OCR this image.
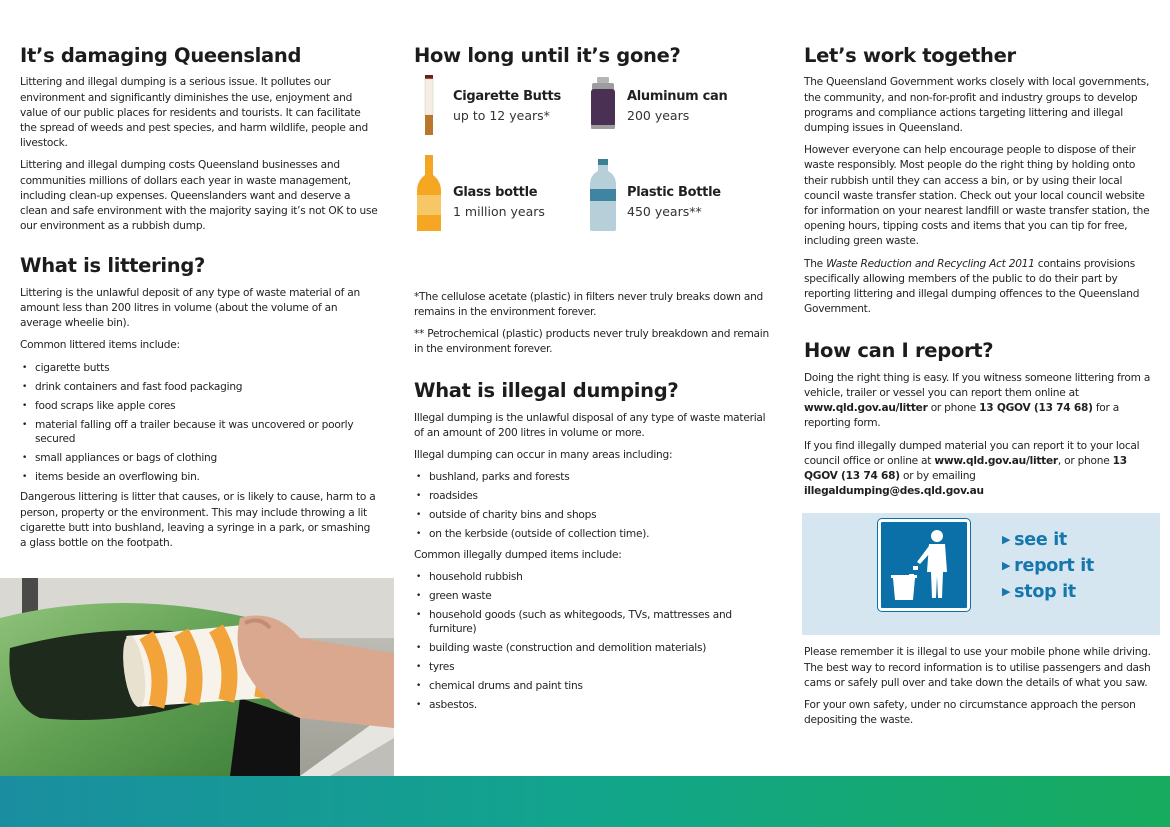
It’s damaging Queensland

Littering and illegal dumping is a serious issue. It pollutes our environment and significantly diminishes the use, enjoyment and value of our public places for residents and tourists. It can facilitate the spread of weeds and pest species, and harm wildlife, people and livestock.

Littering and illegal dumping costs Queensland businesses and communities millions of dollars each year in waste management, including clean-up expenses. Queenslanders want and deserve a clean and safe environment with the majority saying it’s not OK to use our environment as a rubbish dump.

What is littering?

Littering is the unlawful deposit of any type of waste material of an amount less than 200 litres in volume (about the volume of an average wheelie bin).

Common littered items include:

• cigarette butts
• drink containers and fast food packaging
• food scraps like apple cores
• material falling off a trailer because it was uncovered or poorly secured
• small appliances or bags of clothing
• items beside an overflowing bin.

Dangerous littering is litter that causes, or is likely to cause, harm to a person, property or the environment. This may include throwing a lit cigarette butt into bushland, leaving a syringe in a park, or smashing a glass bottle on the footpath.

How long until it’s gone?
Cigarette Butts
up to 12 years*
Aluminum can
200 years
Glass bottle
1 million years
Plastic Bottle
450 years**

*The cellulose acetate (plastic) in filters never truly breaks down and remains in the environment forever.

** Petrochemical (plastic) products never truly breakdown and remain in the environment forever.

What is illegal dumping?

Illegal dumping is the unlawful disposal of any type of waste material of an amount of 200 litres in volume or more.

Illegal dumping can occur in many areas including:

• bushland, parks and forests
• roadsides
• outside of charity bins and shops
• on the kerbside (outside of collection time).

Common illegally dumped items include:

• household rubbish
• green waste
• household goods (such as whitegoods, TVs, mattresses and furniture)
• building waste (construction and demolition materials)
• tyres
• chemical drums and paint tins
• asbestos.
Let’s work together

The Queensland Government works closely with local governments, the community, and non-for-profit and industry groups to develop programs and compliance actions targeting littering and illegal dumping issues in Queensland.

However everyone can help encourage people to dispose of their waste responsibly. Most people do the right thing by holding onto their rubbish until they can access a bin, or by using their local council waste transfer station. Check out your local council website for information on your nearest landfill or waste transfer station, the opening hours, tipping costs and items that you can tip for free, including green waste.

The Waste Reduction and Recycling Act 2011 contains provisions specifically allowing members of the public to do their part by reporting littering and illegal dumping offences to the Queensland Government.

How can I report?

Doing the right thing is easy. If you witness someone littering from a vehicle, trailer or vessel you can report them online at www.qld.gov.au/litter or phone 13 QGOV (13 74 68) for a reporting form.

If you find illegally dumped material you can report it to your local council office or online at www.qld.gov.au/litter, or phone 13 QGOV (13 74 68) or by emailing illegaldumping@des.qld.gov.au

▶ see it
▶ report it
▶ stop it

Please remember it is illegal to use your mobile phone while driving. The best way to record information is to utilise passengers and dash cams or safely pull over and take down the details of what you saw.

For your own safety, under no circumstance approach the person depositing the waste.
